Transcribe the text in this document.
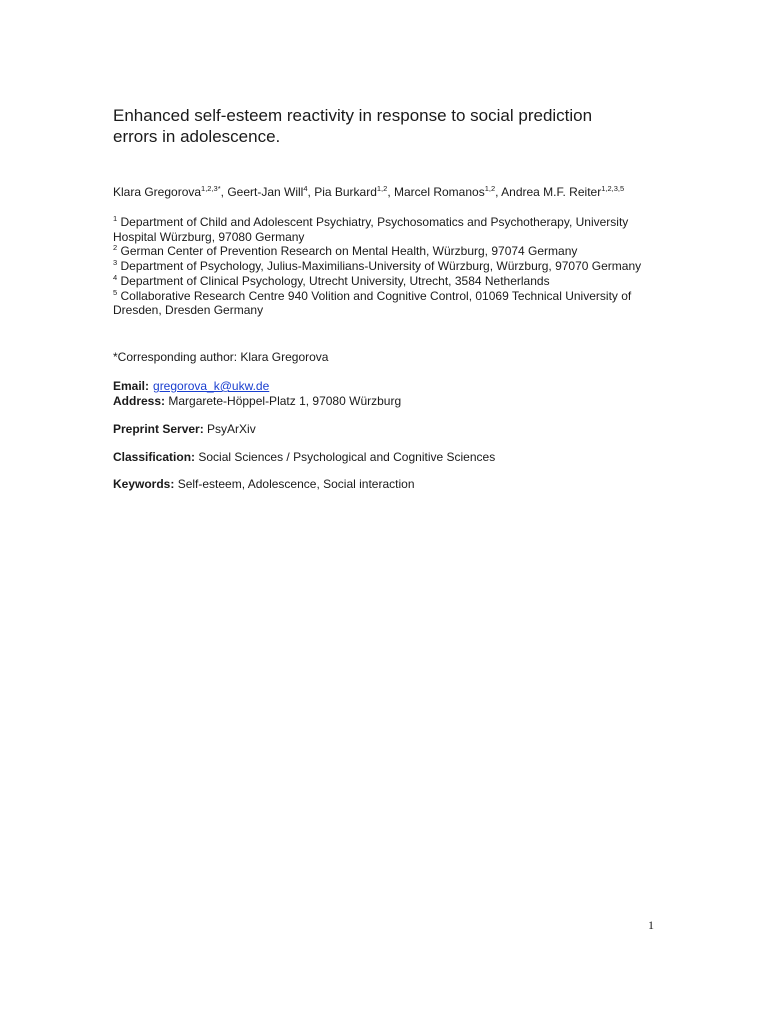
Enhanced self-esteem reactivity in response to social prediction errors in adolescence.
Klara Gregorova$^{1,2,3*}$, Geert-Jan Will$^4$, Pia Burkard$^{1,2}$, Marcel Romanos$^{1,2}$, Andrea M.F. Reiter$^{1,2,3,5}$
$^1$ Department of Child and Adolescent Psychiatry, Psychosomatics and Psychotherapy, University Hospital Würzburg, 97080 Germany
$^2$ German Center of Prevention Research on Mental Health, Würzburg, 97074 Germany
$^3$ Department of Psychology, Julius-Maximilians-University of Würzburg, Würzburg, 97070 Germany
$^4$ Department of Clinical Psychology, Utrecht University, Utrecht, 3584 Netherlands
$^5$ Collaborative Research Centre 940 Volition and Cognitive Control, 01069 Technical University of Dresden, Dresden Germany
*Corresponding author: Klara Gregorova
Email: gregorova_k@ukw.de
Address: Margarete-Höppel-Platz 1, 97080 Würzburg
Preprint Server: PsyArXiv
Classification: Social Sciences / Psychological and Cognitive Sciences
Keywords: Self-esteem, Adolescence, Social interaction
1
